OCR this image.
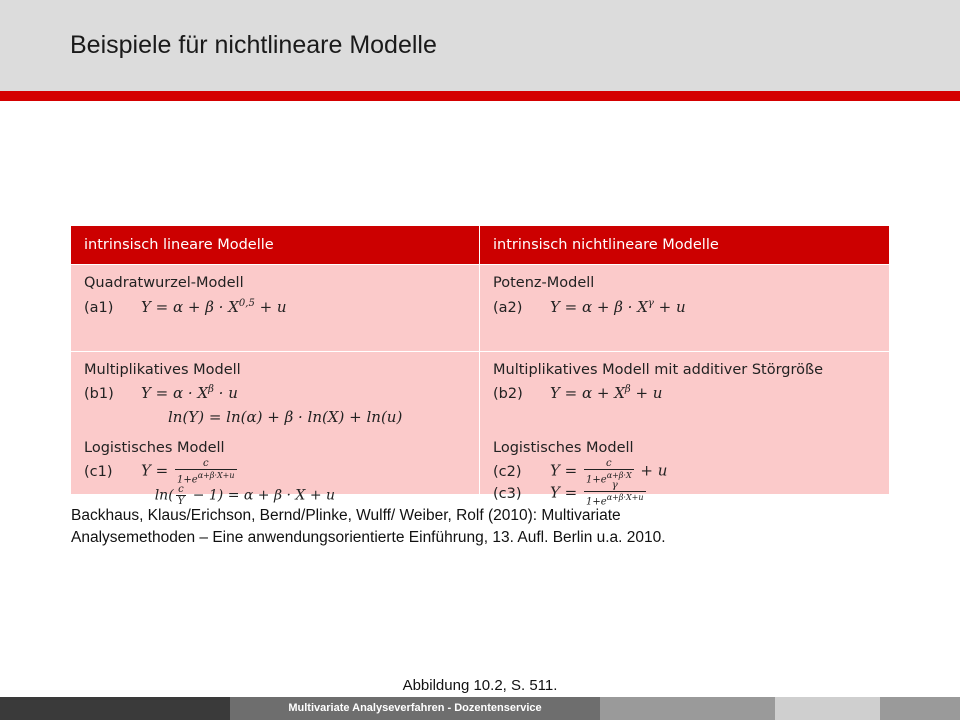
Beispiele für nichtlineare Modelle
intrinsisch lineare Modelle	intrinsisch nichtlineare Modelle
Quadratwurzel-Modell
(a1) Y = α + β · X$^{0,5}$ + u
Potenz-Modell
(a2) $Y = \alpha + \beta \cdot X^\gamma + u$
Multiplikatives Modell
(b1) $Y = \alpha \cdot X^\beta \cdot u$
ln(Y) = ln(α) + β · ln(X) + ln(u)
Logistisches Modell
(c1) $Y = \frac{c}{1+e^{\alpha+\beta\cdot X+u}}$
$\ln( \frac{c}{Y} - 1) = \alpha + \beta \cdot X + u$
Multiplikatives Modell mit additiver Störgröße
(b2) $Y = \alpha + X^\beta + u$
Logistisches Modell
(c2) $Y = \frac{c}{1+e^{\alpha+\beta\cdot X}} + u$
(c3) $Y = \frac{\gamma}{1+e^{\alpha+\beta\cdot X+u}}$
Backhaus, Klaus/Erichson, Bernd/Plinke, Wulff/ Weiber, Rolf (2010): Multivariate
Analysemethoden – Eine anwendungsorientierte Einführung, 13. Aufl. Berlin u.a. 2010.
Abbildung 10.2, S. 511.
Multivariate Analyseverfahren - Dozentenservice
